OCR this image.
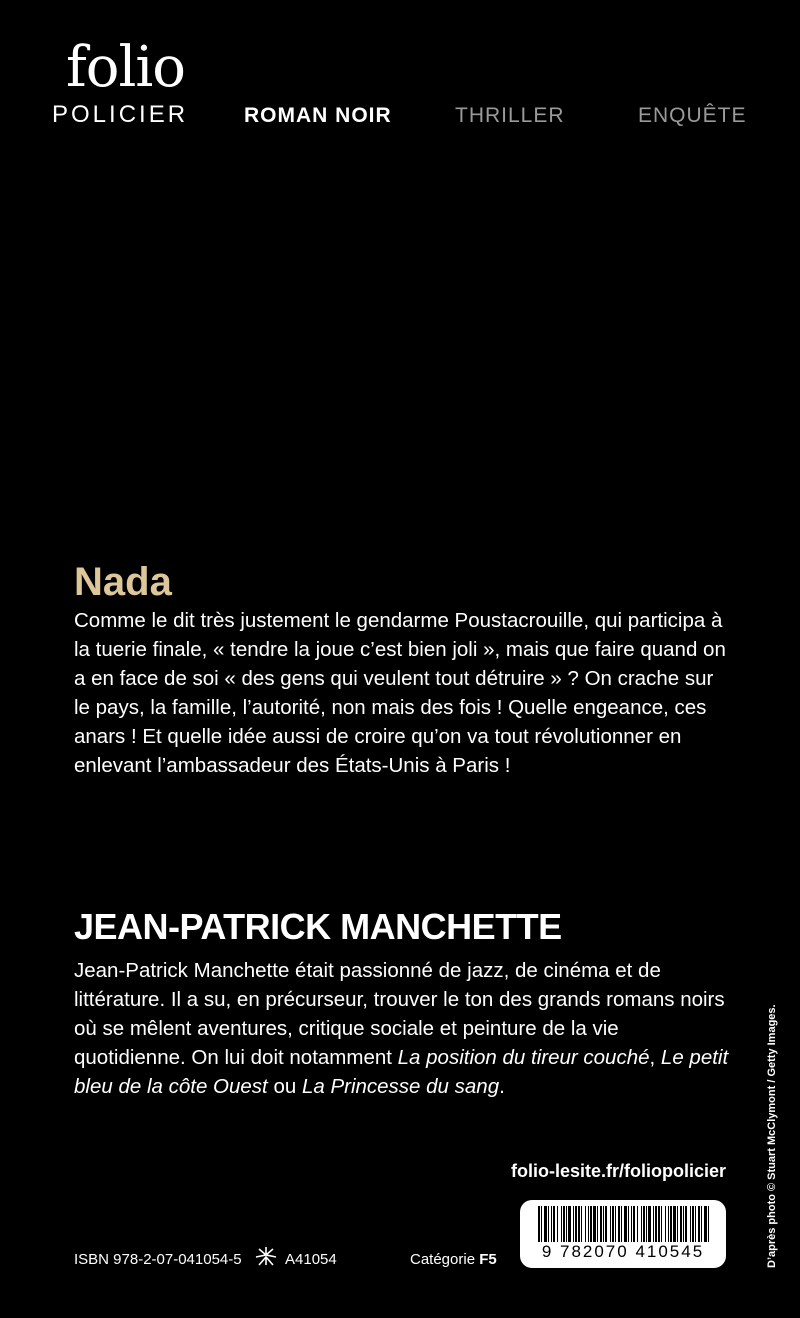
folio
POLICIER	ROMAN NOIR	THRILLER	ENQUÊTE
Nada

Comme le dit très justement le gendarme Poustacrouille, qui participa à la tuerie finale, « tendre la joue c’est bien joli », mais que faire quand on a en face de soi « des gens qui veulent tout détruire » ? On crache sur le pays, la famille, l’autorité, non mais des fois ! Quelle engeance, ces anars ! Et quelle idée aussi de croire qu’on va tout révolutionner en enlevant l’ambassadeur des États-Unis à Paris !

JEAN-PATRICK MANCHETTE

Jean-Patrick Manchette était passionné de jazz, de cinéma et de littérature. Il a su, en précurseur, trouver le ton des grands romans noirs où se mêlent aventures, critique sociale et peinture de la vie quotidienne. On lui doit notamment La position du tireur couché, Le petit bleu de la côte Ouest ou La Princesse du sang.

folio-lesite.fr/foliopolicier
9 782070 410545
ISBN 978-2-07-041054-5	A41054	Catégorie F5	D’après photo © Stuart McClymont / Getty Images.
